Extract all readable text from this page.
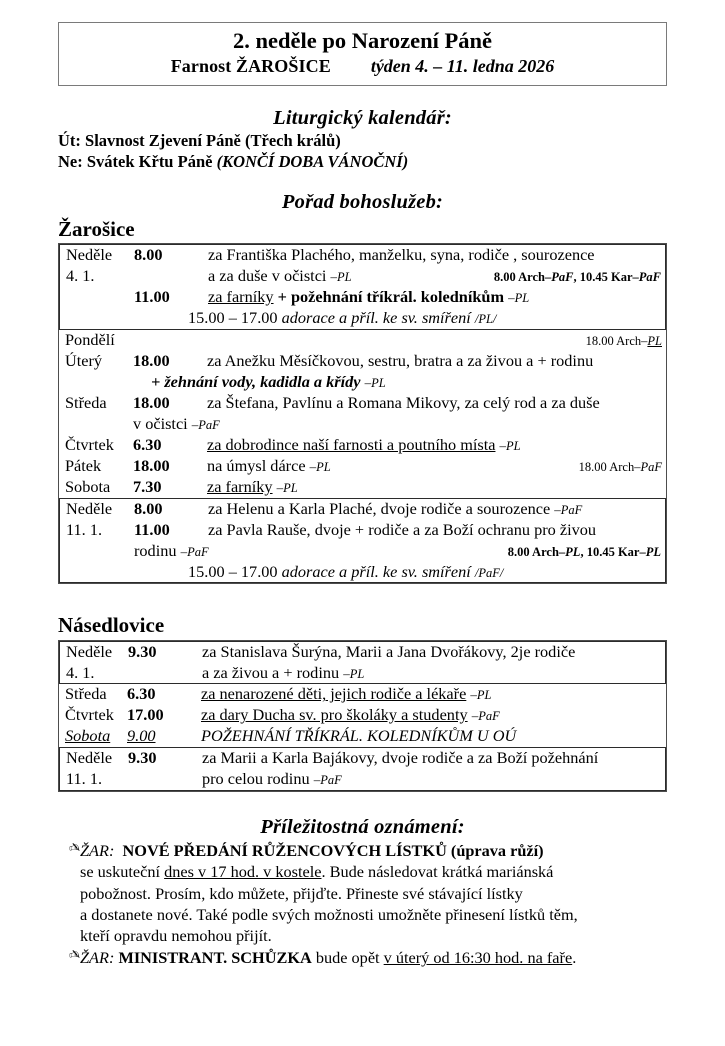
2. neděle po Narození Páně
Farnost ŽAROŠICE týden 4. – 11. ledna 2026
Liturgický kalendář:
Út: Slavnost Zjevení Páně (Třech králů)
Ne: Svátek Křtu Páně (KONČÍ DOBA VÁNOČNÍ)
Pořad bohoslužeb:
Žarošice
Neděle	8.00	za Františka Plachého, manželku, syna, rodiče , sourozence
4. 1.	a za duše v očistci –PL	8.00 Arch–PaF, 10.45 Kar–PaF
11.00	za farníky + požehnání tříkrál. koledníkům –PL
15.00 – 17.00 adorace a příl. ke sv. smíření /PL/
Pondělí	18.00 Arch–PL
Úterý	18.00	za Anežku Měsíčkovou, sestru, bratra a za živou a + rodinu
+ žehnání vody, kadidla a křídy –PL
Středa	18.00	za Štefana, Pavlínu a Romana Mikovy, za celý rod a za duše
v očistci –PaF
Čtvrtek	6.30	za dobrodince naší farnosti a poutního místa –PL
Pátek	18.00	na úmysl dárce –PL	18.00 Arch–PaF
Sobota	7.30	za farníky –PL
Neděle	8.00	za Helenu a Karla Plaché, dvoje rodiče a sourozence –PaF
11. 1.	11.00	za Pavla Rauše, dvoje + rodiče a za Boží ochranu pro živou
rodinu –PaF	8.00 Arch–PL, 10.45 Kar–PL
15.00 – 17.00 adorace a příl. ke sv. smíření /PaF/
Násedlovice
Neděle 9.30	za Stanislava Šurýna, Marii a Jana Dvořákovy, 2je rodiče
4. 1.	a za živou a + rodinu –PL
Středa	6.30	za nenarozené děti, jejich rodiče a lékaře –PL
Čtvrtek 17.00	za dary Ducha sv. pro školáky a studenty –PaF
Sobota	9.00	POŽEHNÁNÍ TŘÍKRÁL. KOLEDNÍKŮM U OÚ
Neděle 9.30	za Marii a Karla Bajákovy, dvoje rodiče a za Boží požehnání
11. 1.	pro celou rodinu –PaF
Příležitostná oznámení:
✍ ŽAR: NOVÉ PŘEDÁNÍ RŮŽENCOVÝCH LÍSTKŮ (úprava růží)
se uskuteční dnes v 17 hod. v kostele. Bude následovat krátká mariánská
pobožnost. Prosím, kdo můžete, přijďte. Přineste své stávající lístky
a dostanete nové. Také podle svých možnosti umožněte přinesení lístků těm,
kteří opravdu nemohou přijít.
✍ ŽAR: MINISTRANT. SCHŮZKA bude opět v úterý od 16:30 hod. na faře.
